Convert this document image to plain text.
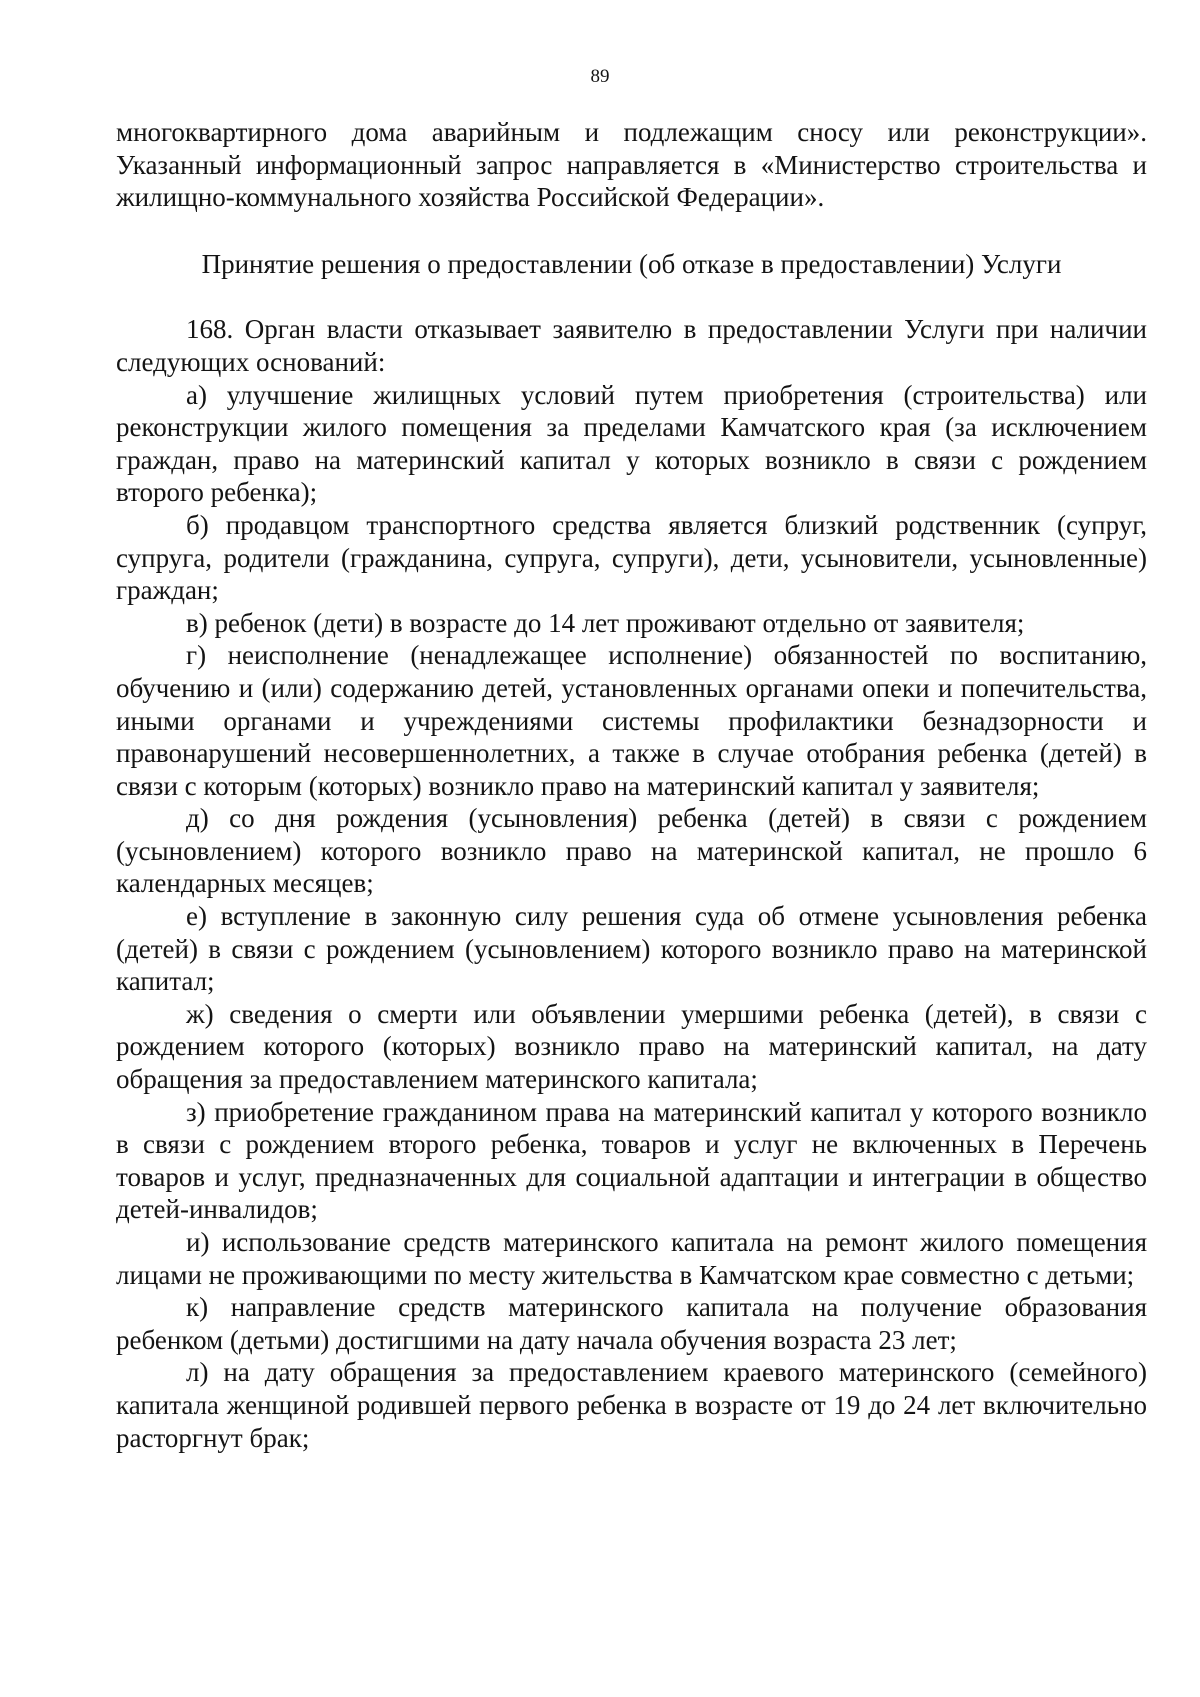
89

многоквартирного дома аварийным и подлежащим сносу или реконструкции». Указанный информационный запрос направляется в «Министерство строительства и жилищно-коммунального хозяйства Российской Федерации».

Принятие решения о предоставлении (об отказе в предоставлении) Услуги

168. Орган власти отказывает заявителю в предоставлении Услуги при наличии следующих оснований:

а) улучшение жилищных условий путем приобретения (строительства) или реконструкции жилого помещения за пределами Камчатского края (за исключением граждан, право на материнский капитал у которых возникло в связи с рождением второго ребенка);

б) продавцом транспортного средства является близкий родственник (супруг, супруга, родители (гражданина, супруга, супруги), дети, усыновители, усыновленные) граждан;

в) ребенок (дети) в возрасте до 14 лет проживают отдельно от заявителя;

г) неисполнение (ненадлежащее исполнение) обязанностей по воспитанию, обучению и (или) содержанию детей, установленных органами опеки и попечительства, иными органами и учреждениями системы профилактики безнадзорности и правонарушений несовершеннолетних, а также в случае отобрания ребенка (детей) в связи с которым (которых) возникло право на материнский капитал у заявителя;

д) со дня рождения (усыновления) ребенка (детей) в связи с рождением (усыновлением) которого возникло право на материнской капитал, не прошло 6 календарных месяцев;

е) вступление в законную силу решения суда об отмене усыновления ребенка (детей) в связи с рождением (усыновлением) которого возникло право на материнской капитал;

ж) сведения о смерти или объявлении умершими ребенка (детей), в связи с рождением которого (которых) возникло право на материнский капитал, на дату обращения за предоставлением материнского капитала;

з) приобретение гражданином права на материнский капитал у которого возникло в связи с рождением второго ребенка, товаров и услуг не включенных в Перечень товаров и услуг, предназначенных для социальной адаптации и интеграции в общество детей-инвалидов;

и) использование средств материнского капитала на ремонт жилого помещения лицами не проживающими по месту жительства в Камчатском крае совместно с детьми;

к) направление средств материнского капитала на получение образования ребенком (детьми) достигшими на дату начала обучения возраста 23 лет;

л) на дату обращения за предоставлением краевого материнского (семейного) капитала женщиной родившей первого ребенка в возрасте от 19 до 24 лет включительно расторгнут брак;
